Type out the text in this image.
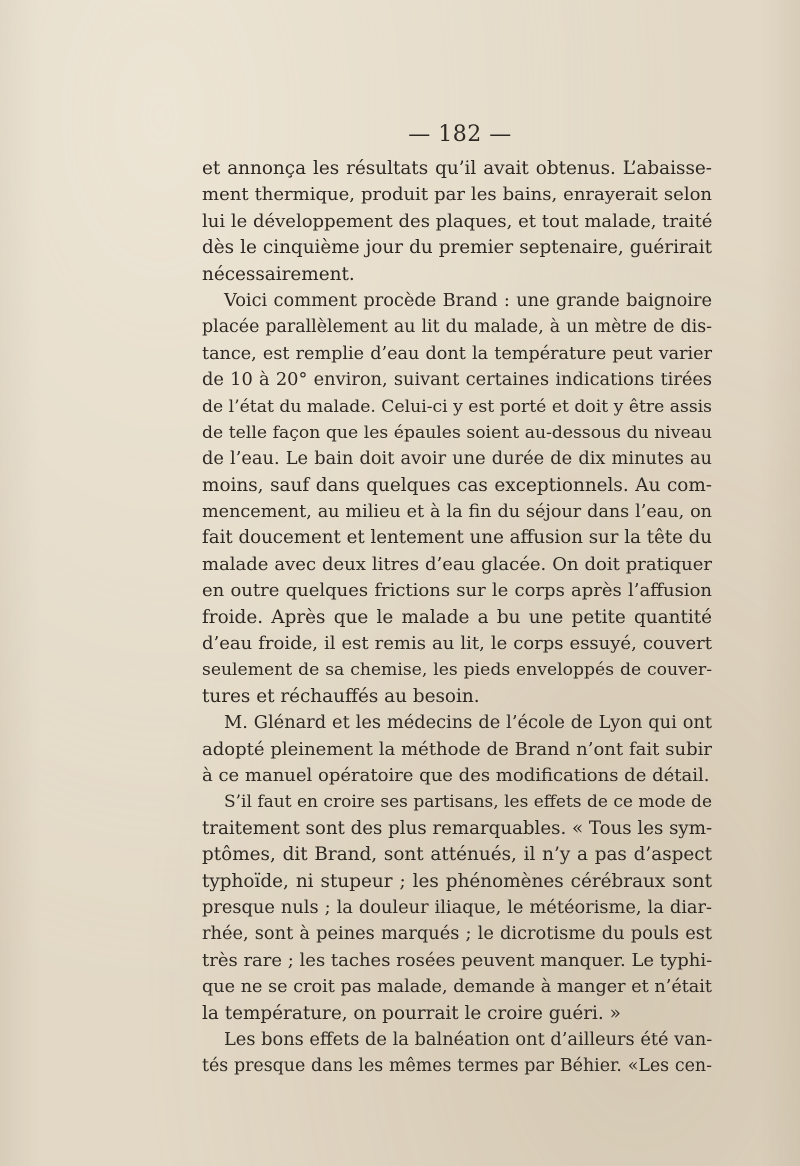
— 182 —
et annonça les résultats qu’il avait obtenus. L’abaisse-
ment thermique, produit par les bains, enrayerait selon
lui le développement des plaques, et tout malade, traité
dès le cinquième jour du premier septenaire, guérirait
nécessairement.
Voici comment procède Brand : une grande baignoire
placée parallèlement au lit du malade, à un mètre de dis-
tance, est remplie d’eau dont la température peut varier
de 10 à 20° environ, suivant certaines indications tirées
de l’état du malade. Celui-ci y est porté et doit y être assis
de telle façon que les épaules soient au-dessous du niveau
de l’eau. Le bain doit avoir une durée de dix minutes au
moins, sauf dans quelques cas exceptionnels. Au com-
mencement, au milieu et à la fin du séjour dans l’eau, on
fait doucement et lentement une affusion sur la tête du
malade avec deux litres d’eau glacée. On doit pratiquer
en outre quelques frictions sur le corps après l’affusion
froide. Après que le malade a bu une petite quantité
d’eau froide, il est remis au lit, le corps essuyé, couvert
seulement de sa chemise, les pieds enveloppés de couver-
tures et réchauffés au besoin.
M. Glénard et les médecins de l’école de Lyon qui ont
adopté pleinement la méthode de Brand n’ont fait subir
à ce manuel opératoire que des modifications de détail.
S’il faut en croire ses partisans, les effets de ce mode de
traitement sont des plus remarquables. « Tous les sym-
ptômes, dit Brand, sont atténués, il n’y a pas d’aspect
typhoïde, ni stupeur ; les phénomènes cérébraux sont
presque nuls ; la douleur iliaque, le météorisme, la diar-
rhée, sont à peines marqués ; le dicrotisme du pouls est
très rare ; les taches rosées peuvent manquer. Le typhi-
que ne se croit pas malade, demande à manger et n’était
la température, on pourrait le croire guéri. »
Les bons effets de la balnéation ont d’ailleurs été van-
tés presque dans les mêmes termes par Béhier. «Les cen-
